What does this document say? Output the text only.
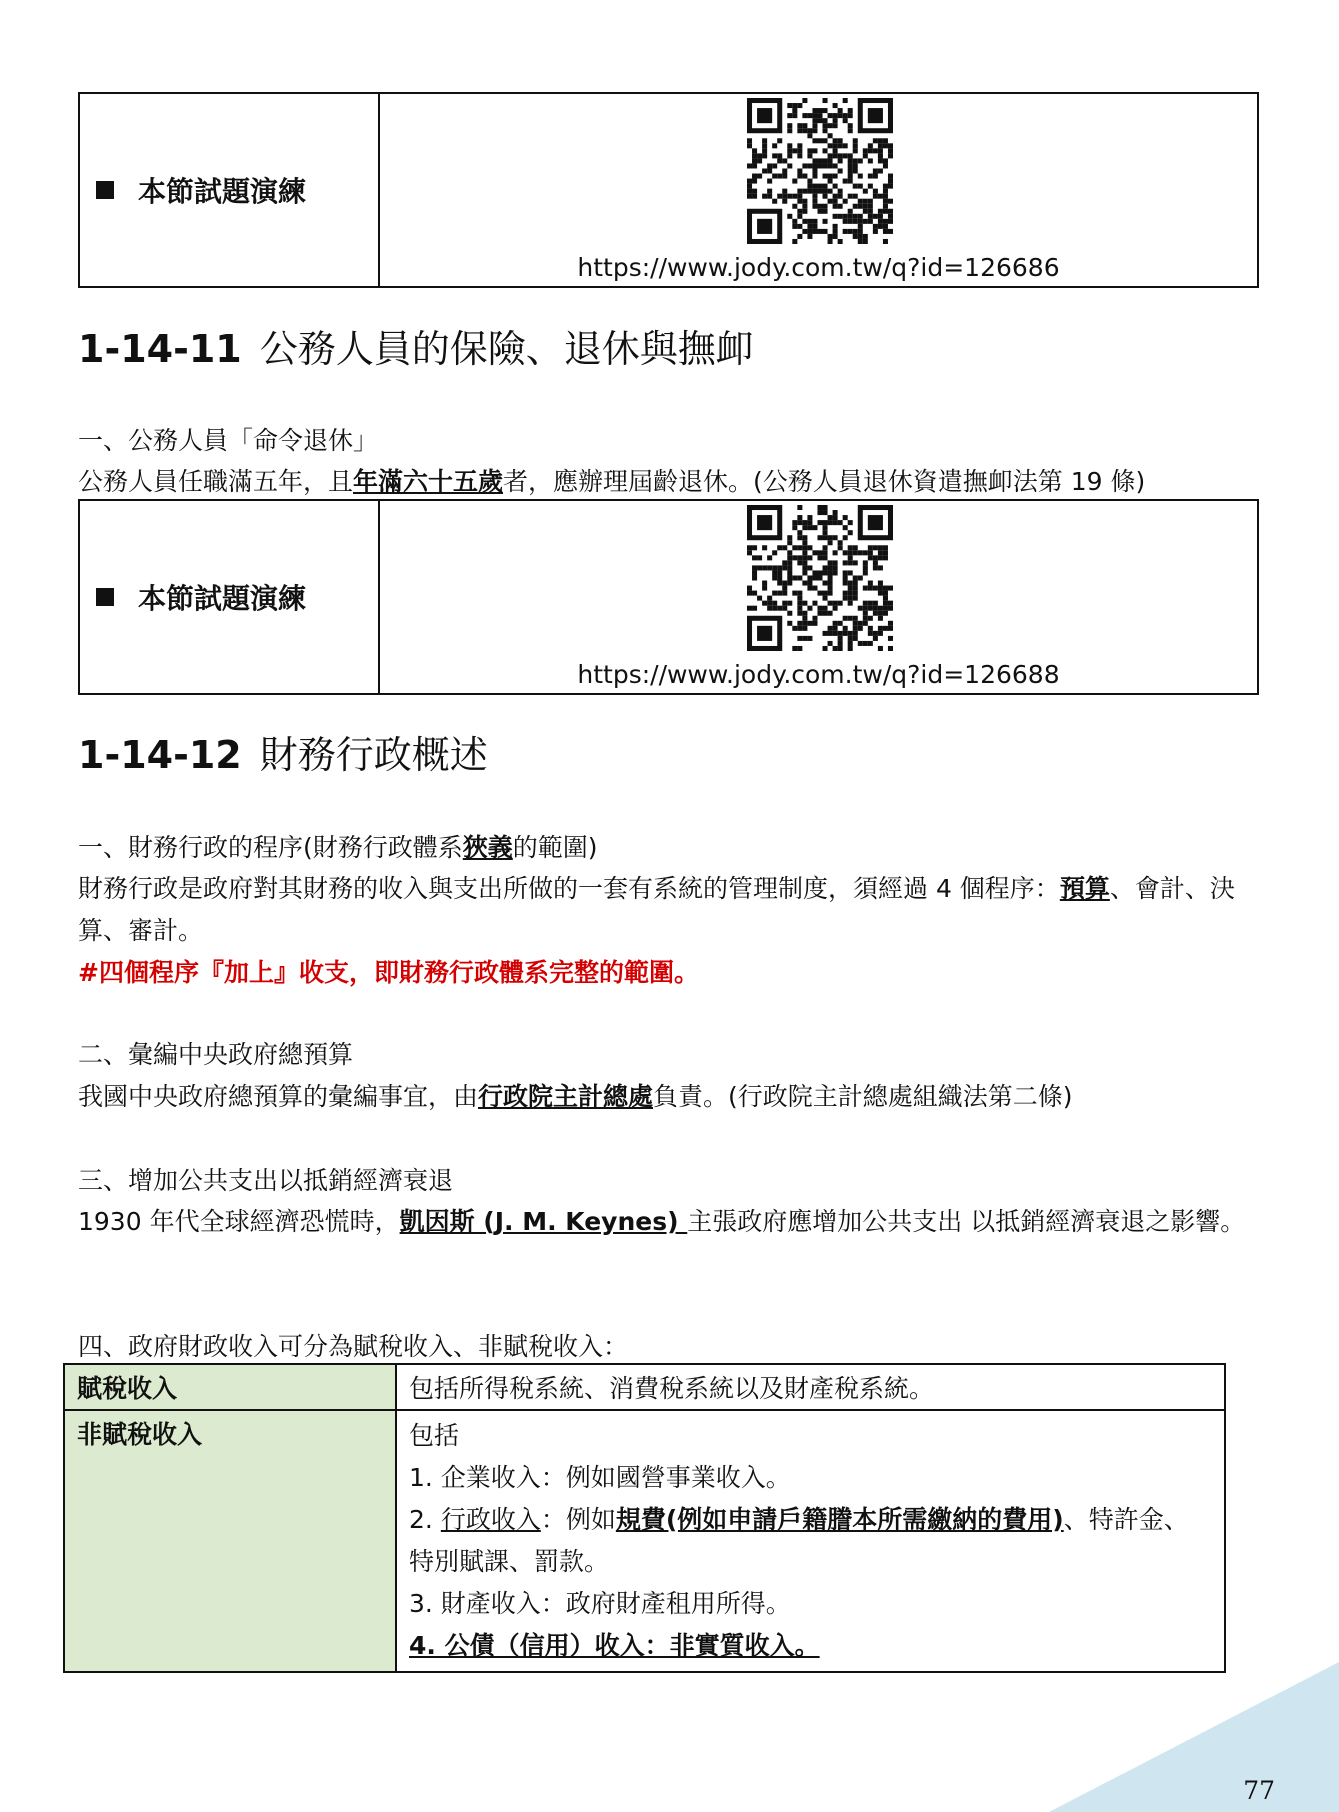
本節試題演練
https://www.jody.com.tw/q?id=126686
1-14-11 公務人員的保險、退休與撫卹

一、公務人員「命令退休」

公務人員任職滿五年，且年滿六十五歲者，應辦理屆齡退休。(公務人員退休資遣撫卹法第 19 條)

本節試題演練
https://www.jody.com.tw/q?id=126688
1-14-12 財務行政概述

一、財務行政的程序(財務行政體系狹義的範圍)

財務行政是政府對其財務的收入與支出所做的一套有系統的管理制度，須經過 4 個程序：預算、會計、決算、審計。

#四個程序『加上』收支，即財務行政體系完整的範圍。

二、彙編中央政府總預算

我國中央政府總預算的彙編事宜，由行政院主計總處負責。(行政院主計總處組織法第二條)

三、增加公共支出以抵銷經濟衰退

1930 年代全球經濟恐慌時，凱因斯 (J. M. Keynes) 主張政府應增加公共支出 以抵銷經濟衰退之影響。

四、政府財政收入可分為賦稅收入、非賦稅收入：

賦稅收入	包括所得稅系統、消費稅系統以及財產稅系統。
非賦稅收入	包括
1. 企業收入：例如國營事業收入。
2. 行政收入：例如規費(例如申請戶籍謄本所需繳納的費用)、特許金、特別賦課、罰款。
3. 財產收入：政府財產租用所得。
4. 公債（信用）收入：非實質收入。
77
